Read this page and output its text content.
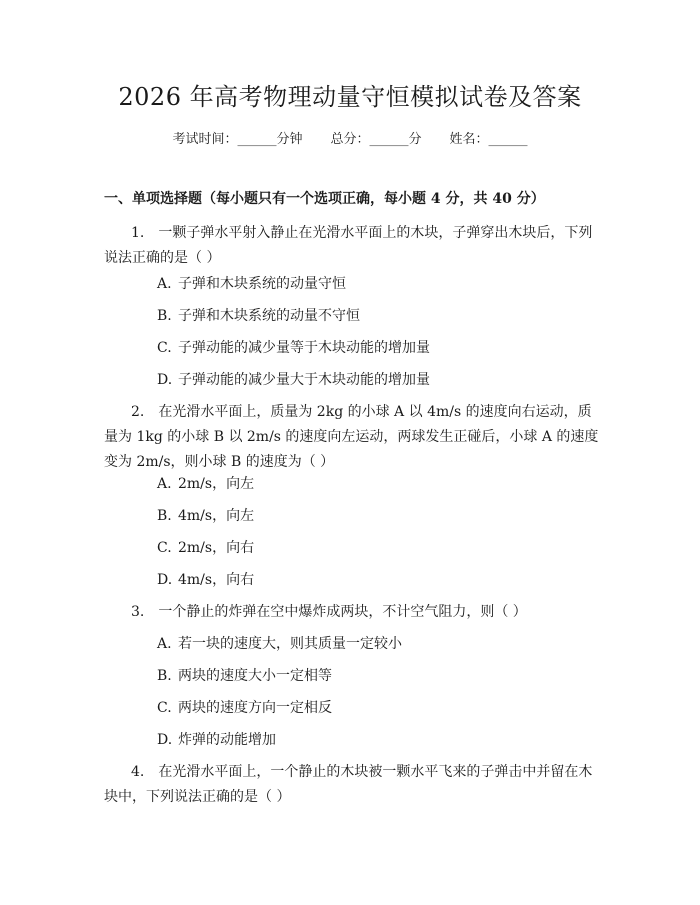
2026 年高考物理动量守恒模拟试卷及答案
考试时间：______分钟 总分：______分 姓名：______
一、单项选择题（每小题只有一个选项正确，每小题 4 分，共 40 分）
1. 一颗子弹水平射入静止在光滑水平面上的木块，子弹穿出木块后，下列说法正确的是（ ）
A. 子弹和木块系统的动量守恒
B. 子弹和木块系统的动量不守恒
C. 子弹动能的减少量等于木块动能的增加量
D. 子弹动能的减少量大于木块动能的增加量
2. 在光滑水平面上，质量为 2kg 的小球 A 以 4m/s 的速度向右运动，质量为 1kg 的小球 B 以 2m/s 的速度向左运动，两球发生正碰后，小球 A 的速度变为 2m/s，则小球 B 的速度为（ ）
A. 2m/s，向左
B. 4m/s，向左
C. 2m/s，向右
D. 4m/s，向右
3. 一个静止的炸弹在空中爆炸成两块，不计空气阻力，则（ ）
A. 若一块的速度大，则其质量一定较小
B. 两块的速度大小一定相等
C. 两块的速度方向一定相反
D. 炸弹的动能增加
4. 在光滑水平面上，一个静止的木块被一颗水平飞来的子弹击中并留在木块中，下列说法正确的是（ ）
